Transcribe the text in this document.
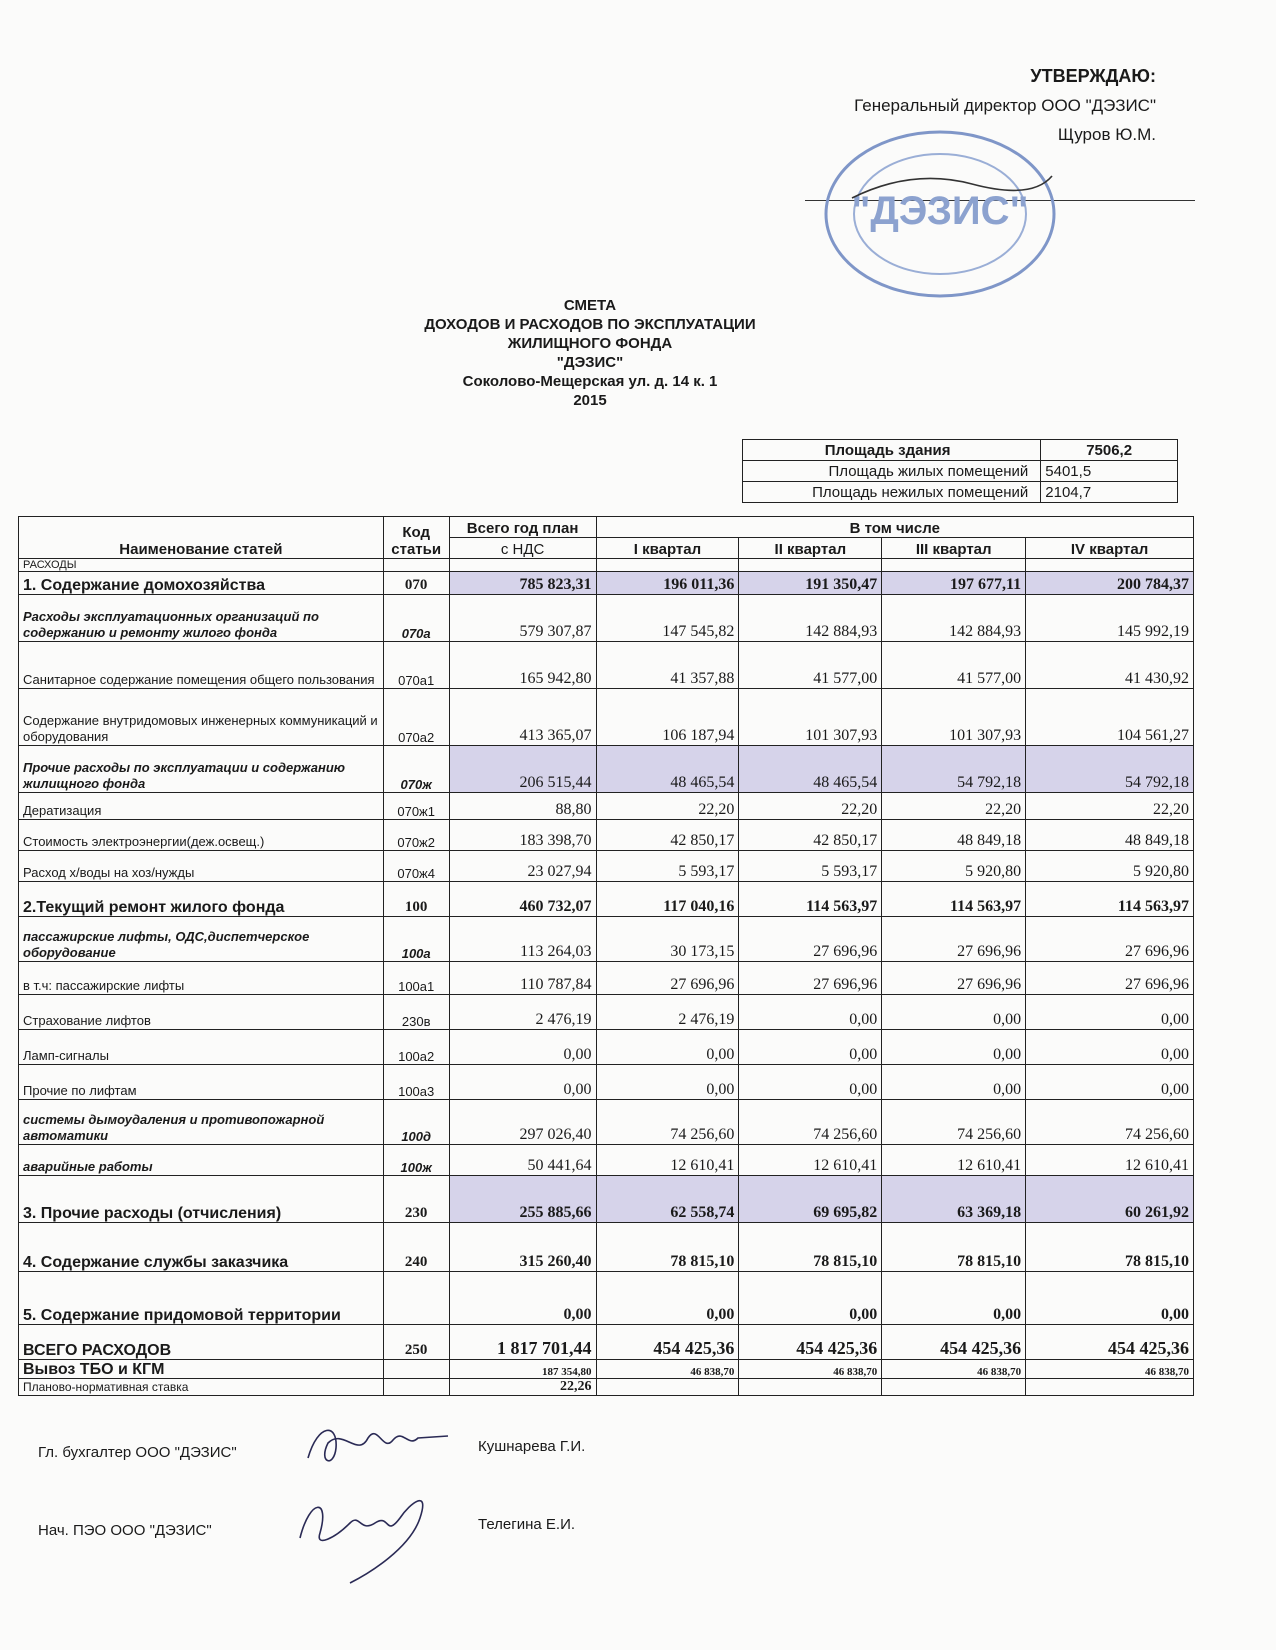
УТВЕРЖДАЮ:
Генеральный директор ООО "ДЭЗИС"
Щуров Ю.М.
"ДЭЗИС"
СМЕТА
ДОХОДОВ И РАСХОДОВ ПО ЭКСПЛУАТАЦИИ
ЖИЛИЩНОГО ФОНДА
"ДЭЗИС"
Соколово-Мещерская ул. д. 14 к. 1
2015
Площадь здания	7506,2
Площадь жилых помещений	5401,5
Площадь нежилых помещений	2104,7
Наименование статей	Код статьи	Всего год план	В том числе			
		с НДС	I квартал	II квартал	III квартал	IV квартал
РАСХОДЫ						
1. Содержание домохозяйства	070	785 823,31	196 011,36	191 350,47	197 677,11	200 784,37
Расходы эксплуатационных организаций по содержанию и ремонту жилого фонда	070а	579 307,87	147 545,82	142 884,93	142 884,93	145 992,19
Санитарное содержание помещения общего пользования	070а1	165 942,80	41 357,88	41 577,00	41 577,00	41 430,92
Содержание внутридомовых инженерных коммуникаций и оборудования	070а2	413 365,07	106 187,94	101 307,93	101 307,93	104 561,27
Прочие расходы по эксплуатации и содержанию жилищного фонда	070ж	206 515,44	48 465,54	48 465,54	54 792,18	54 792,18
Дератизация	070ж1	88,80	22,20	22,20	22,20	22,20
Стоимость электроэнергии(деж.освещ.)	070ж2	183 398,70	42 850,17	42 850,17	48 849,18	48 849,18
Расход х/воды на хоз/нужды	070ж4	23 027,94	5 593,17	5 593,17	5 920,80	5 920,80
2.Текущий ремонт жилого фонда	100	460 732,07	117 040,16	114 563,97	114 563,97	114 563,97
пассажирские лифты, ОДС,диспетчерское оборудование	100а	113 264,03	30 173,15	27 696,96	27 696,96	27 696,96
в т.ч: пассажирские лифты	100а1	110 787,84	27 696,96	27 696,96	27 696,96	27 696,96
Страхование лифтов	230в	2 476,19	2 476,19	0,00	0,00	0,00
Ламп-сигналы	100а2	0,00	0,00	0,00	0,00	0,00
Прочие по лифтам	100а3	0,00	0,00	0,00	0,00	0,00
системы дымоудаления и противопожарной автоматики	100д	297 026,40	74 256,60	74 256,60	74 256,60	74 256,60
аварийные работы	100ж	50 441,64	12 610,41	12 610,41	12 610,41	12 610,41
3. Прочие расходы (отчисления)	230	255 885,66	62 558,74	69 695,82	63 369,18	60 261,92
4. Содержание службы заказчика	240	315 260,40	78 815,10	78 815,10	78 815,10	78 815,10
5. Содержание придомовой территории		0,00	0,00	0,00	0,00	0,00
ВСЕГО РАСХОДОВ	250	1 817 701,44	454 425,36	454 425,36	454 425,36	454 425,36
Вывоз ТБО и КГМ		187 354,80	46 838,70	46 838,70	46 838,70	46 838,70
Планово-нормативная ставка		22,26				
Гл. бухгалтер ООО "ДЭЗИС"	Кушнарева Г.И.
Нач. ПЭО ООО "ДЭЗИС"	Телегина Е.И.
